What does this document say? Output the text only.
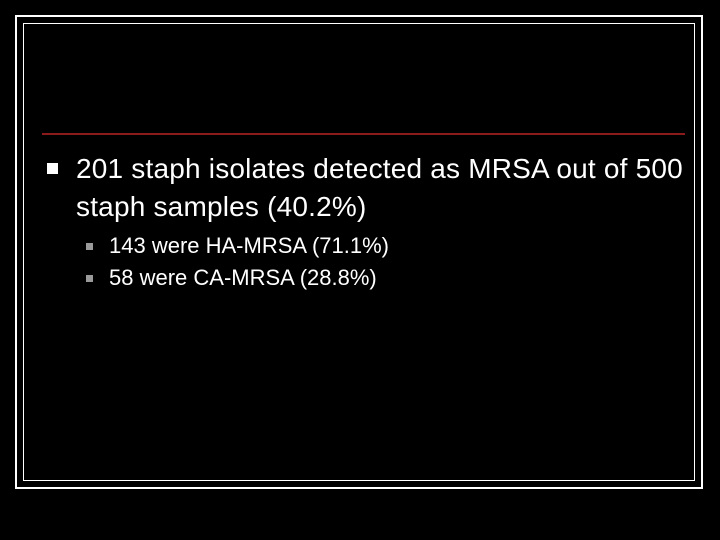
201 staph isolates detected as MRSA out of 500 staph samples (40.2%)
143 were HA-MRSA (71.1%)
58 were CA-MRSA (28.8%)
